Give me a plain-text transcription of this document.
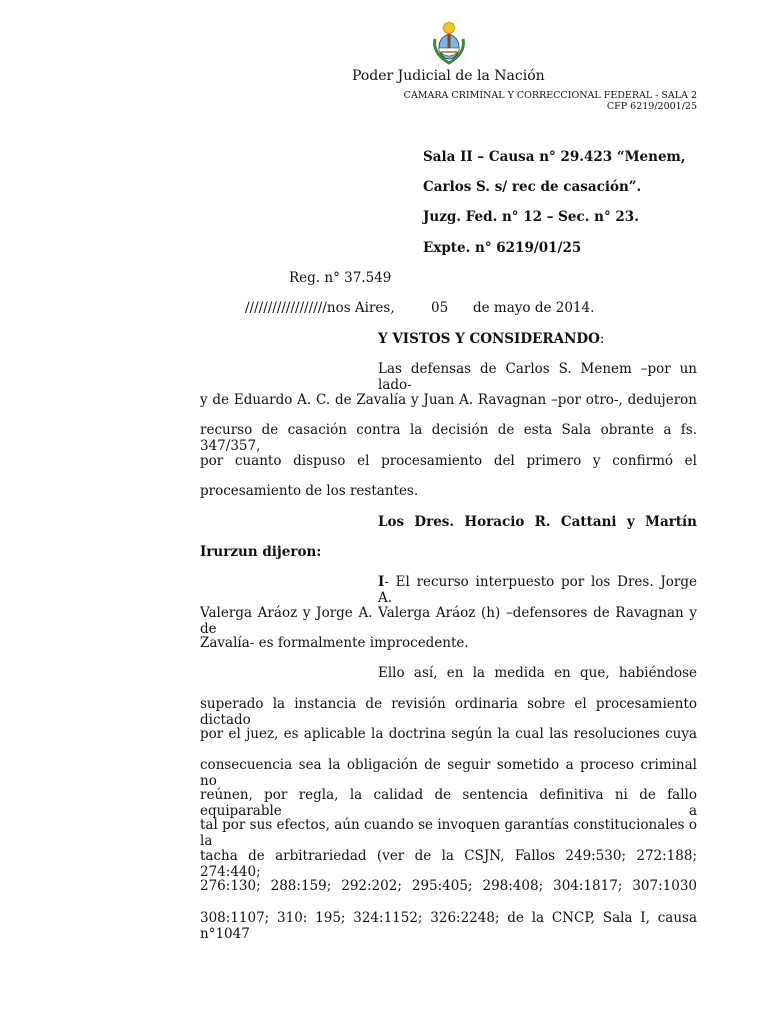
Poder Judicial de la Nación
CAMARA CRIMINAL Y CORRECCIONAL FEDERAL - SALA 2
CFP 6219/2001/25
Sala II – Causa n° 29.423 “Menem,
Carlos S. s/ rec de casación”.
Juzg. Fed. n° 12 – Sec. n° 23.
Expte. n° 6219/01/25
Reg. n° 37.549
//////////////////nos Aires,	05 de mayo de 2014.
Y VISTOS Y CONSIDERANDO:
Las defensas de Carlos S. Menem –por un lado-
y de Eduardo A. C. de Zavalía y Juan A. Ravagnan –por otro-, dedujeron
recurso de casación contra la decisión de esta Sala obrante a fs. 347/357,
por cuanto dispuso el procesamiento del primero y confirmó el
procesamiento de los restantes.
Los Dres. Horacio R. Cattani y Martín
Irurzun dijeron:
I- El recurso interpuesto por los Dres. Jorge A.
Valerga Aráoz y Jorge A. Valerga Aráoz (h) –defensores de Ravagnan y de
Zavalía- es formalmente improcedente.
Ello así, en la medida en que, habiéndose
superado la instancia de revisión ordinaria sobre el procesamiento dictado
por el juez, es aplicable la doctrina según la cual las resoluciones cuya
consecuencia sea la obligación de seguir sometido a proceso criminal no
reúnen, por regla, la calidad de sentencia definitiva ni de fallo equiparable a
tal por sus efectos, aún cuando se invoquen garantías constitucionales o la
tacha de arbitrariedad (ver de la CSJN, Fallos 249:530; 272:188; 274:440;
276:130; 288:159; 292:202; 295:405; 298:408; 304:1817; 307:1030
308:1107; 310: 195; 324:1152; 326:2248; de la CNCP, Sala I, causa n°1047
